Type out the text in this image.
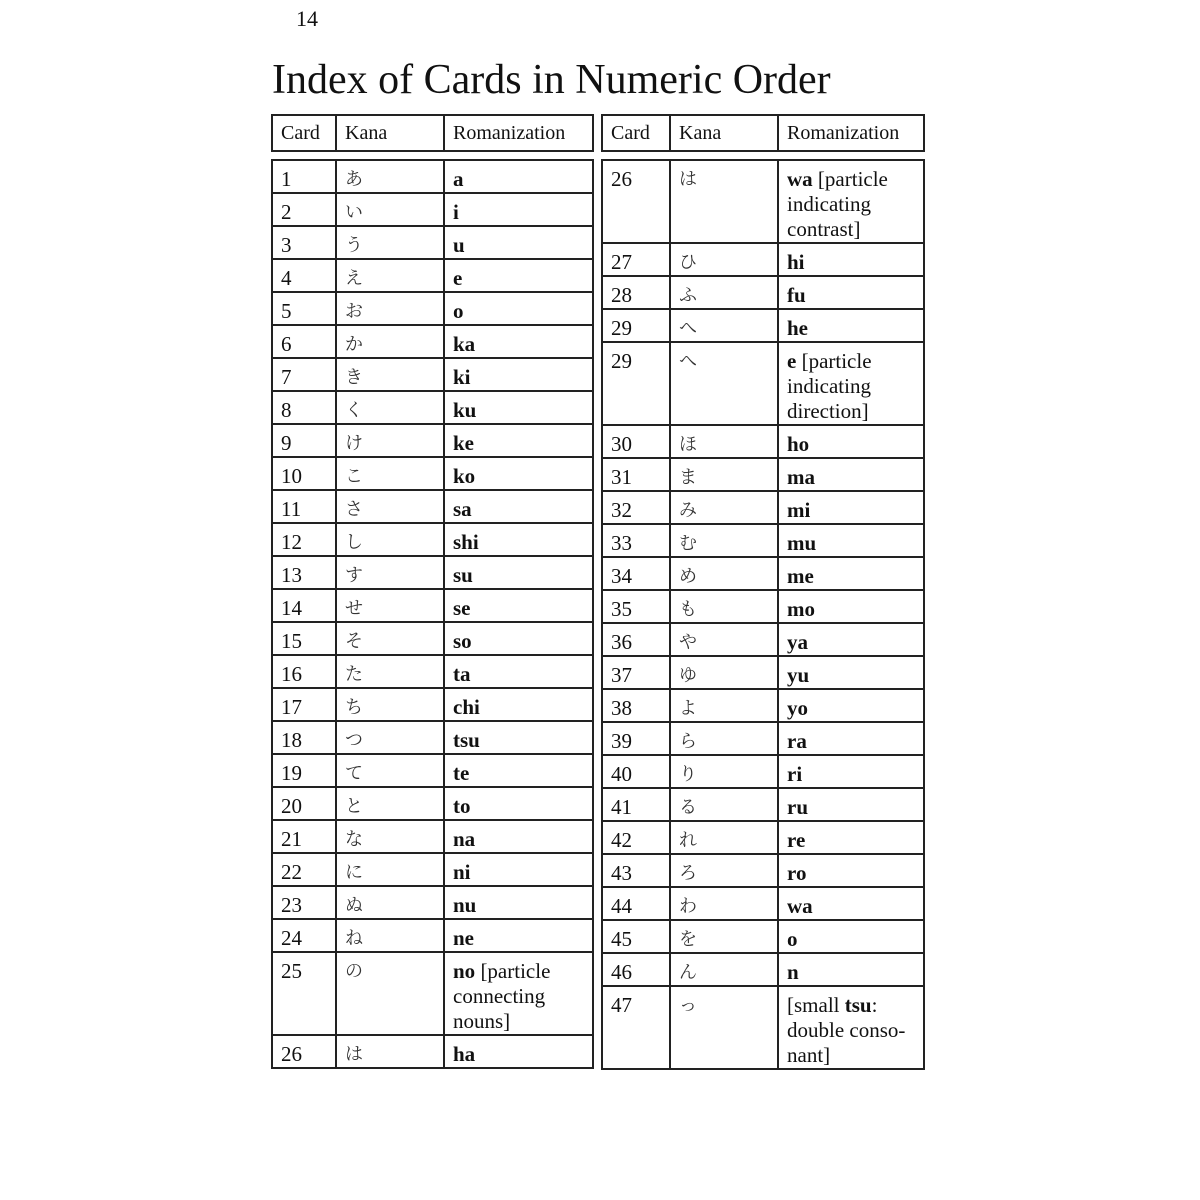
14
Index of Cards in Numeric Order
Card	Kana	Romanization
1	あ	a
2	い	i
3	う	u
4	え	e
5	お	o
6	か	ka
7	き	ki
8	く	ku
9	け	ke
10	こ	ko
11	さ	sa
12	し	shi
13	す	su
14	せ	se
15	そ	so
16	た	ta
17	ち	chi
18	つ	tsu
19	て	te
20	と	to
21	な	na
22	に	ni
23	ぬ	nu
24	ね	ne
25	の	no [particle connecting nouns]
26	は	ha
Card	Kana	Romanization
26	は	wa [particle indicating contrast]
27	ひ	hi
28	ふ	fu
29	へ	he
29	へ	e [particle indicating direction]
30	ほ	ho
31	ま	ma
32	み	mi
33	む	mu
34	め	me
35	も	mo
36	や	ya
37	ゆ	yu
38	よ	yo
39	ら	ra
40	り	ri
41	る	ru
42	れ	re
43	ろ	ro
44	わ	wa
45	を	o
46	ん	n
47	っ	[small tsu: double conso-nant]
